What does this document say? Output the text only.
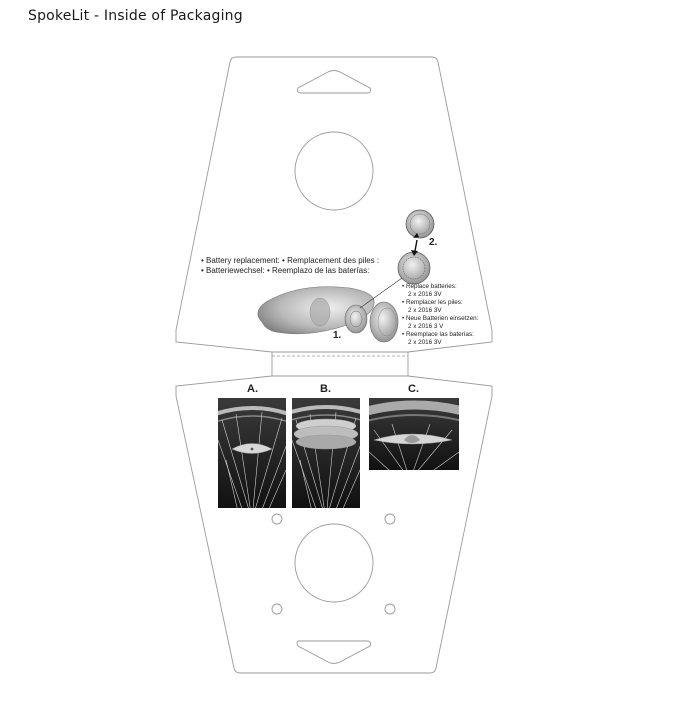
SpokeLit - Inside of Packaging
• Battery replacement: • Remplacement des piles :
• Batteriewechsel: • Reemplazo de las baterías:
2.
1.
• Replace batteries:
2 x 2016 3V
• Remplacer les piles:
2 x 2016 3V
• Neue Batterien einsetzen:
2 x 2016 3 V
• Reemplace las baterías:
2 x 2016 3V
A.	B.	C.
